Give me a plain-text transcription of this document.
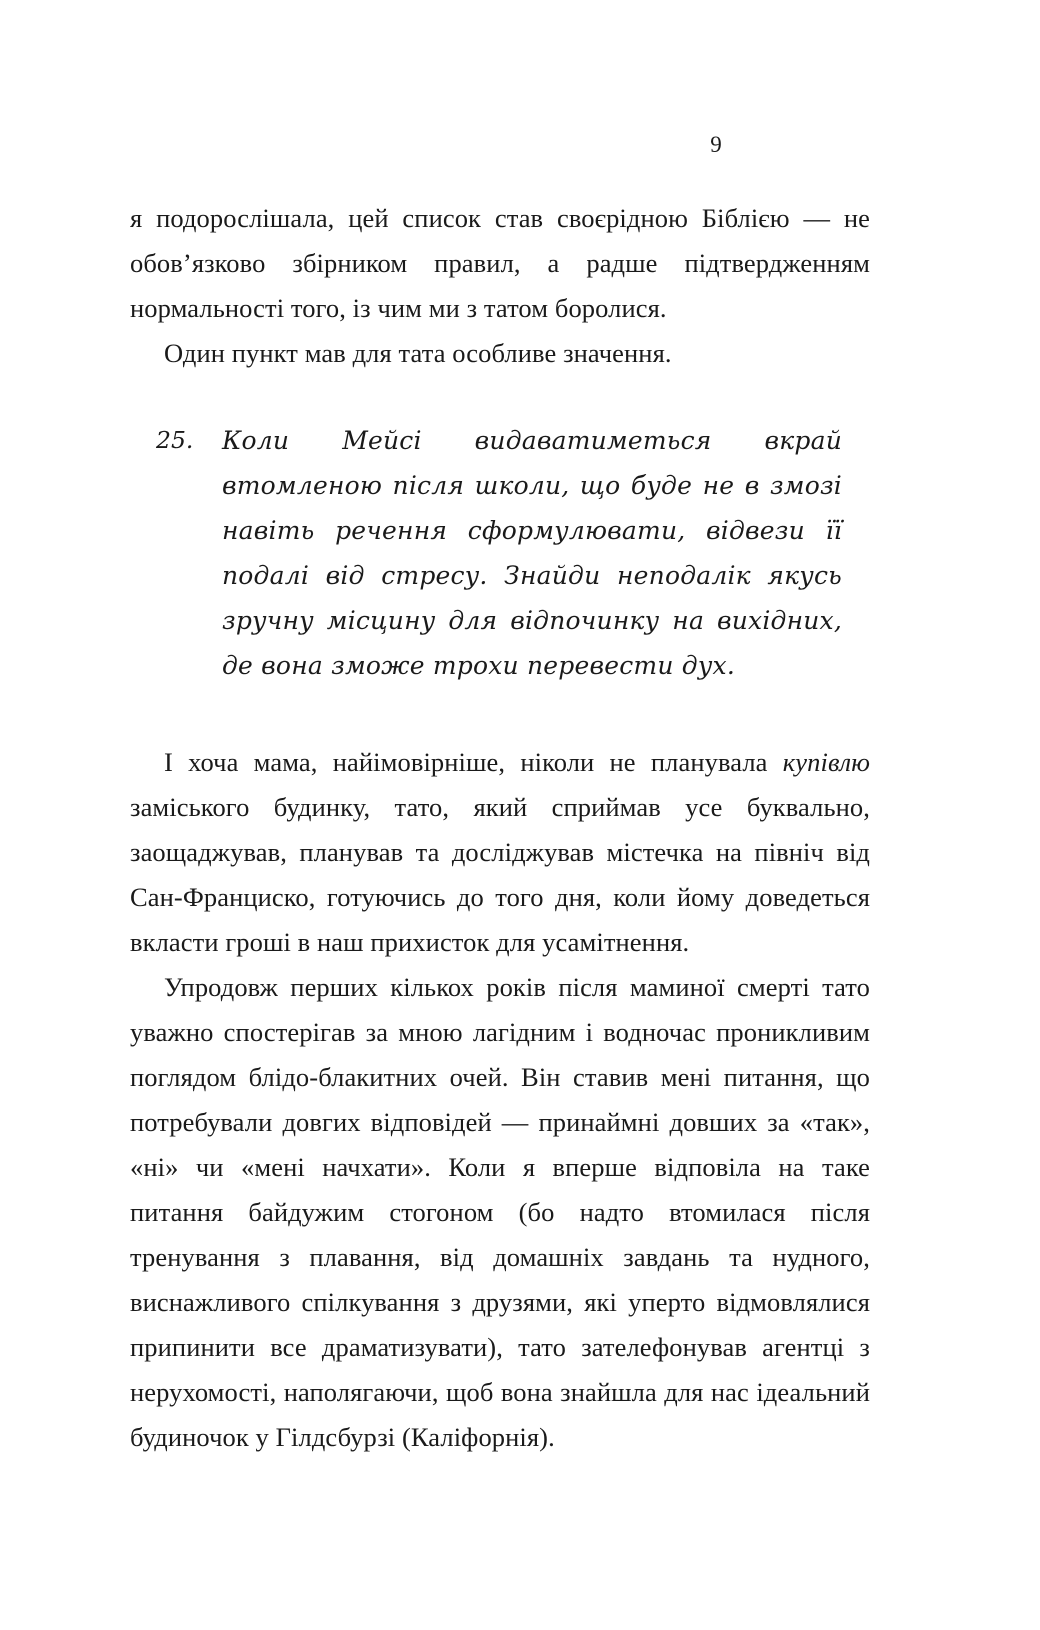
9

я подорослішала, цей список став своєрідною Біблією — не обов’язково збірником правил, а радше підтвердженням нормальності того, із чим ми з татом боролися.

Один пункт мав для тата особливе значення.

25.	Коли Мейсі видаватиметься вкрай втомленою після школи, що буде не в змозі навіть речення сформулювати, відвези її подалі від стресу. Знайди неподалік якусь зручну місцину для відпочинку на вихідних, де вона зможе трохи перевести дух.

І хоча мама, найімовірніше, ніколи не планувала купівлю заміського будинку, тато, який сприймав усе буквально, заощаджував, планував та досліджував містечка на північ від Сан-Франциско, готуючись до того дня, коли йому доведеться вкласти гроші в наш прихисток для усамітнення.

Упродовж перших кількох років після маминої смерті тато уважно спостерігав за мною лагідним і водночас проникливим поглядом блідо-блакитних очей. Він ставив мені питання, що потребували довгих відповідей — принаймні довших за «так», «ні» чи «мені начхати». Коли я вперше відповіла на таке питання байдужим стогоном (бо надто втомилася після тренування з плавання, від домашніх завдань та нудного, виснажливого спілкування з друзями, які уперто відмовлялися припинити все драматизувати), тато зателефонував агентці з нерухомості, наполягаючи, щоб вона знайшла для нас ідеальний будиночок у Гілдсбурзі (Каліфорнія).
